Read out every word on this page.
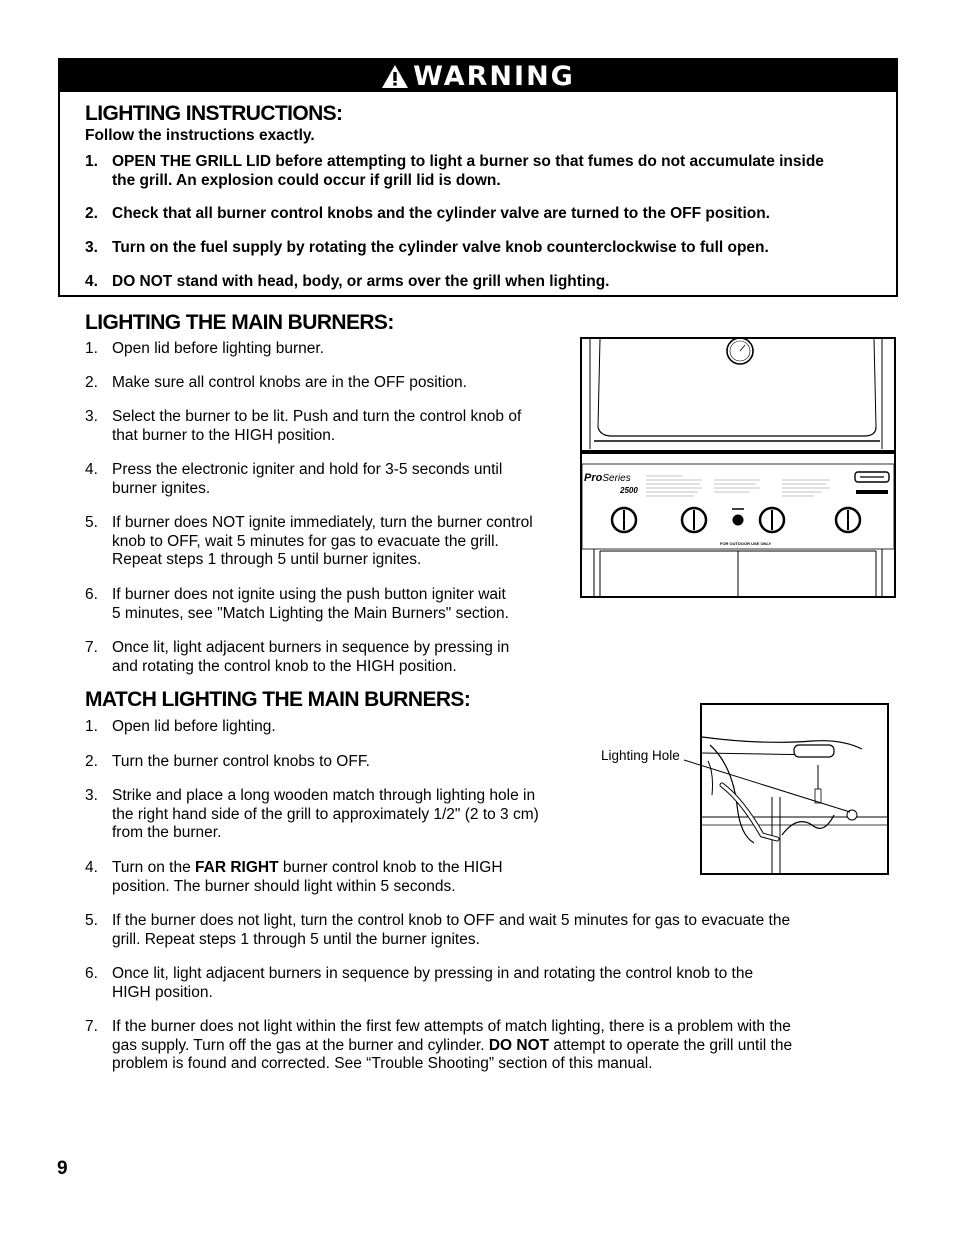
WARNING
LIGHTING INSTRUCTIONS:
Follow the instructions exactly.
1. OPEN THE GRILL LID before attempting to light a burner so that fumes do not accumulate inside
the grill. An explosion could occur if grill lid is down.
2. Check that all burner control knobs and the cylinder valve are turned to the OFF position.
3. Turn on the fuel supply by rotating the cylinder valve knob counterclockwise to full open.
4. DO NOT stand with head, body, or arms over the grill when lighting.
LIGHTING THE MAIN BURNERS:
1. Open lid before lighting burner.
2. Make sure all control knobs are in the OFF position.
3. Select the burner to be lit. Push and turn the control knob of
that burner to the HIGH position.
4. Press the electronic igniter and hold for 3-5 seconds until
burner ignites.
5. If burner does NOT ignite immediately, turn the burner control
knob to OFF, wait 5 minutes for gas to evacuate the grill.
Repeat steps 1 through 5 until burner ignites.
6. If burner does not ignite using the push button igniter wait
5 minutes, see "Match Lighting the Main Burners" section.
7. Once lit, light adjacent burners in sequence by pressing in
and rotating the control knob to the HIGH position.
ProSeries
2500
FOR OUTDOOR USE ONLY
MATCH LIGHTING THE MAIN BURNERS:
1. Open lid before lighting.
2. Turn the burner control knobs to OFF.
3. Strike and place a long wooden match through lighting hole in
the right hand side of the grill to approximately 1/2" (2 to 3 cm)
from the burner.
4. Turn on the FAR RIGHT burner control knob to the HIGH
position. The burner should light within 5 seconds.
5. If the burner does not light, turn the control knob to OFF and wait 5 minutes for gas to evacuate the
grill. Repeat steps 1 through 5 until the burner ignites.
6. Once lit, light adjacent burners in sequence by pressing in and rotating the control knob to the
HIGH position.
7. If the burner does not light within the first few attempts of match lighting, there is a problem with the
gas supply. Turn off the gas at the burner and cylinder. DO NOT attempt to operate the grill until the
problem is found and corrected. See “Trouble Shooting” section of this manual.
Lighting Hole
9
